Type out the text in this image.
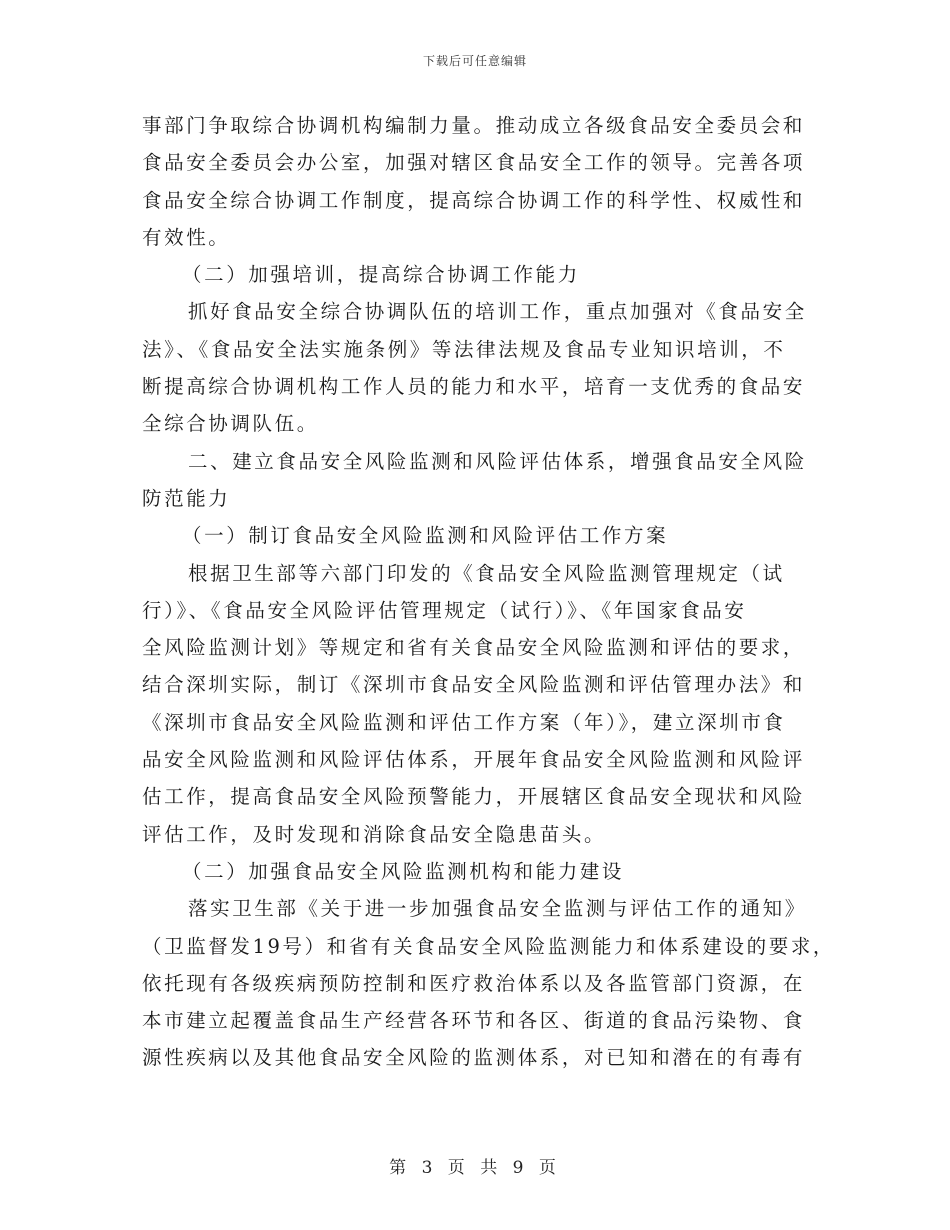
下载后可任意编辑
事部门争取综合协调机构编制力量。推动成立各级食品安全委员会和
食品安全委员会办公室，加强对辖区食品安全工作的领导。完善各项
食品安全综合协调工作制度，提高综合协调工作的科学性、权威性和
有效性。
（二）加强培训，提高综合协调工作能力
抓好食品安全综合协调队伍的培训工作，重点加强对《食品安全
法》、《食品安全法实施条例》等法律法规及食品专业知识培训，不
断提高综合协调机构工作人员的能力和水平，培育一支优秀的食品安
全综合协调队伍。
二、建立食品安全风险监测和风险评估体系，增强食品安全风险
防范能力
（一）制订食品安全风险监测和风险评估工作方案
根据卫生部等六部门印发的《食品安全风险监测管理规定（试
行）》、《食品安全风险评估管理规定（试行）》、《年国家食品安
全风险监测计划》等规定和省有关食品安全风险监测和评估的要求，
结合深圳实际，制订《深圳市食品安全风险监测和评估管理办法》和
《深圳市食品安全风险监测和评估工作方案（年）》，建立深圳市食
品安全风险监测和风险评估体系，开展年食品安全风险监测和风险评
估工作，提高食品安全风险预警能力，开展辖区食品安全现状和风险
评估工作，及时发现和消除食品安全隐患苗头。
（二）加强食品安全风险监测机构和能力建设
落实卫生部《关于进一步加强食品安全监测与评估工作的通知》
（卫监督发19号）和省有关食品安全风险监测能力和体系建设的要求，
依托现有各级疾病预防控制和医疗救治体系以及各监管部门资源，在
本市建立起覆盖食品生产经营各环节和各区、街道的食品污染物、食
源性疾病以及其他食品安全风险的监测体系，对已知和潜在的有毒有
第 3 页 共 9 页
